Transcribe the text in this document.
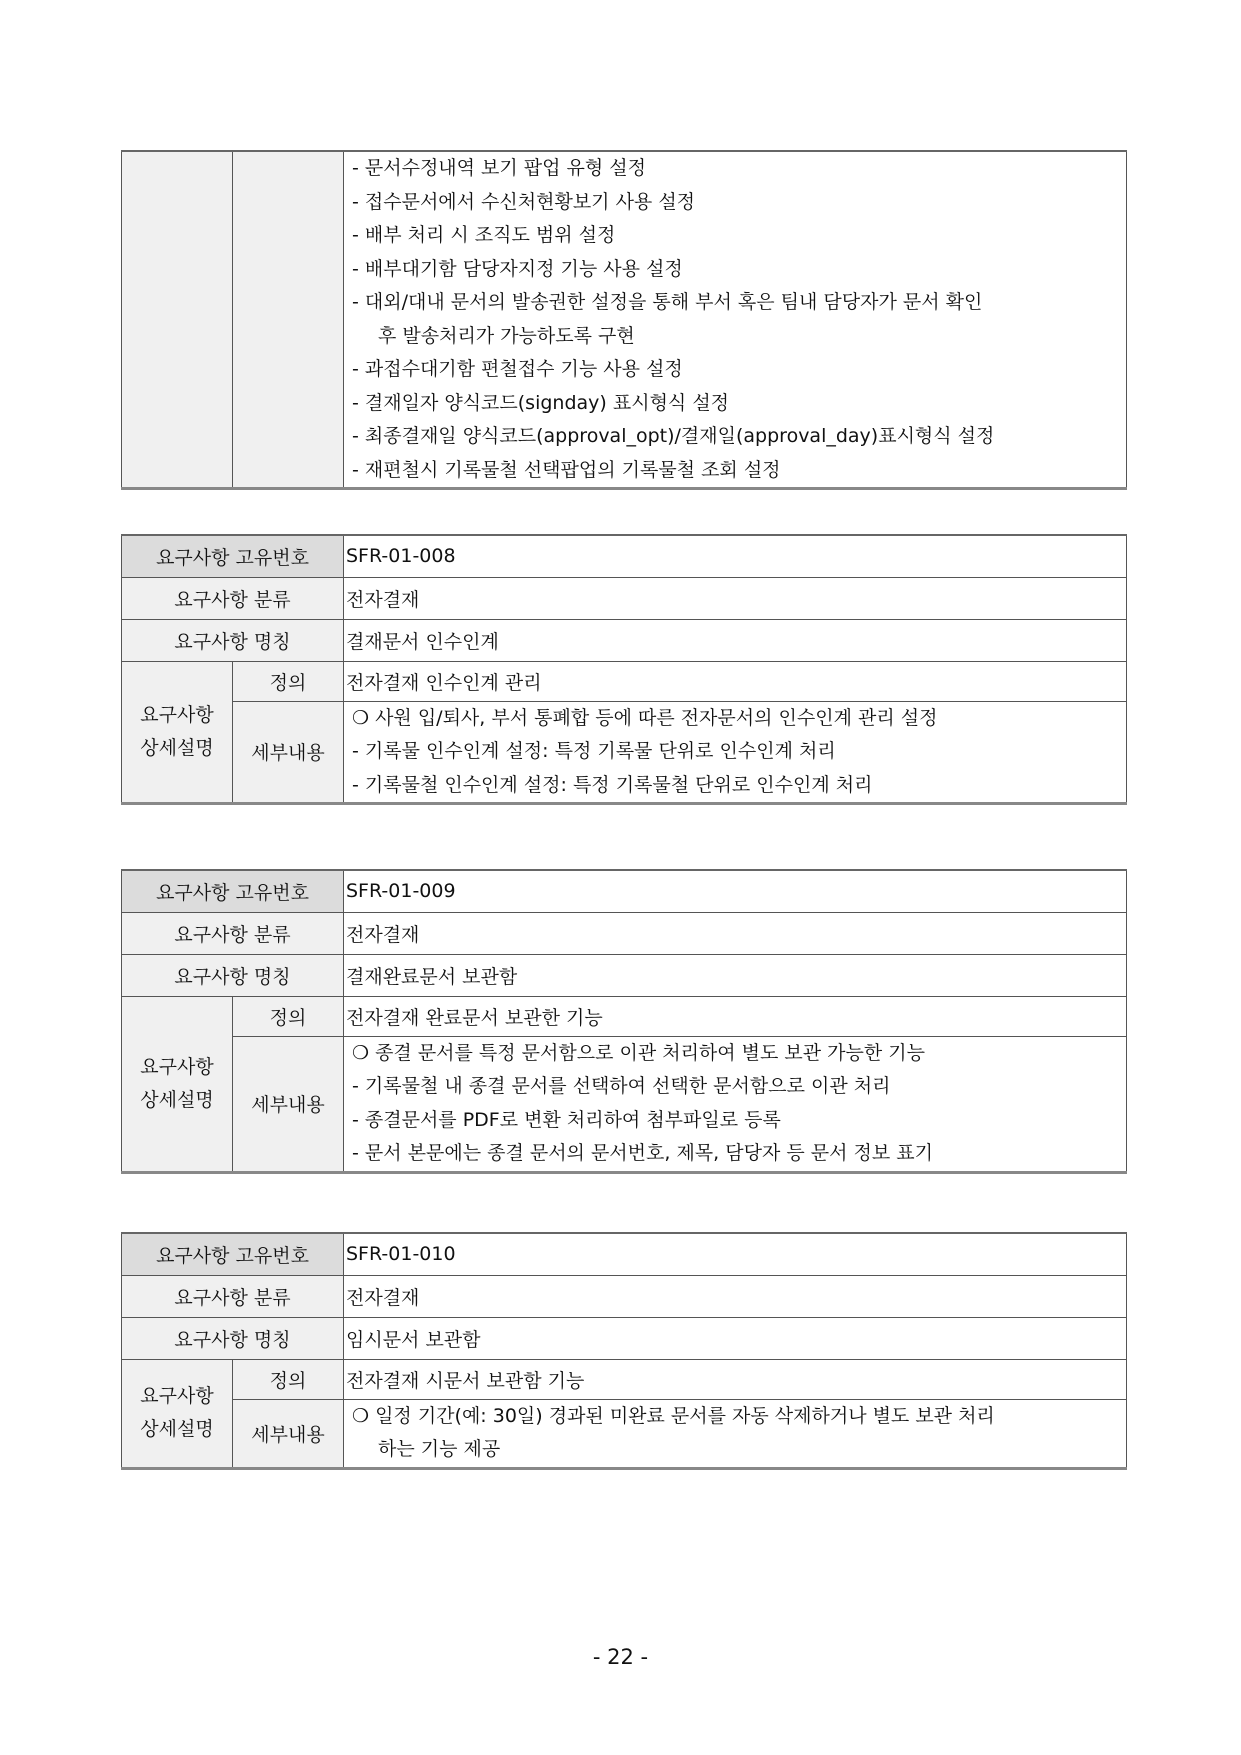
- 문서수정내역 보기 팝업 유형 설정
- 접수문서에서 수신처현황보기 사용 설정
- 배부 처리 시 조직도 범위 설정
- 배부대기함 담당자지정 기능 사용 설정
- 대외/대내 문서의 발송권한 설정을 통해 부서 혹은 팀내 담당자가 문서 확인
후 발송처리가 가능하도록 구현
- 과접수대기함 편철접수 기능 사용 설정
- 결재일자 양식코드(signday) 표시형식 설정
- 최종결재일 양식코드(approval_opt)/결재일(approval_day)표시형식 설정
- 재편철시 기록물철 선택팝업의 기록물철 조회 설정
요구사항 고유번호		SFR-01-008
요구사항 분류		전자결재
요구사항 명칭		결재문서 인수인계

요구사항
상세설명	정의	전자결재 인수인계 관리
	세부내용	❍ 사원 입/퇴사, 부서 통폐합 등에 따른 전자문서의 인수인계 관리 설정
- 기록물 인수인계 설정: 특정 기록물 단위로 인수인계 처리
- 기록물철 인수인계 설정: 특정 기록물철 단위로 인수인계 처리
요구사항 고유번호		SFR-01-009
요구사항 분류		전자결재
요구사항 명칭		결재완료문서 보관함

요구사항
상세설명	정의	전자결재 완료문서 보관한 기능
	세부내용	❍ 종결 문서를 특정 문서함으로 이관 처리하여 별도 보관 가능한 기능
- 기록물철 내 종결 문서를 선택하여 선택한 문서함으로 이관 처리
- 종결문서를 PDF로 변환 처리하여 첨부파일로 등록
- 문서 본문에는 종결 문서의 문서번호, 제목, 담당자 등 문서 정보 표기
요구사항 고유번호		SFR-01-010
요구사항 분류		전자결재
요구사항 명칭		임시문서 보관함

요구사항
상세설명	정의	전자결재 시문서 보관함 기능
	세부내용	❍ 일정 기간(예: 30일) 경과된 미완료 문서를 자동 삭제하거나 별도 보관 처리
하는 기능 제공
- 22 -
